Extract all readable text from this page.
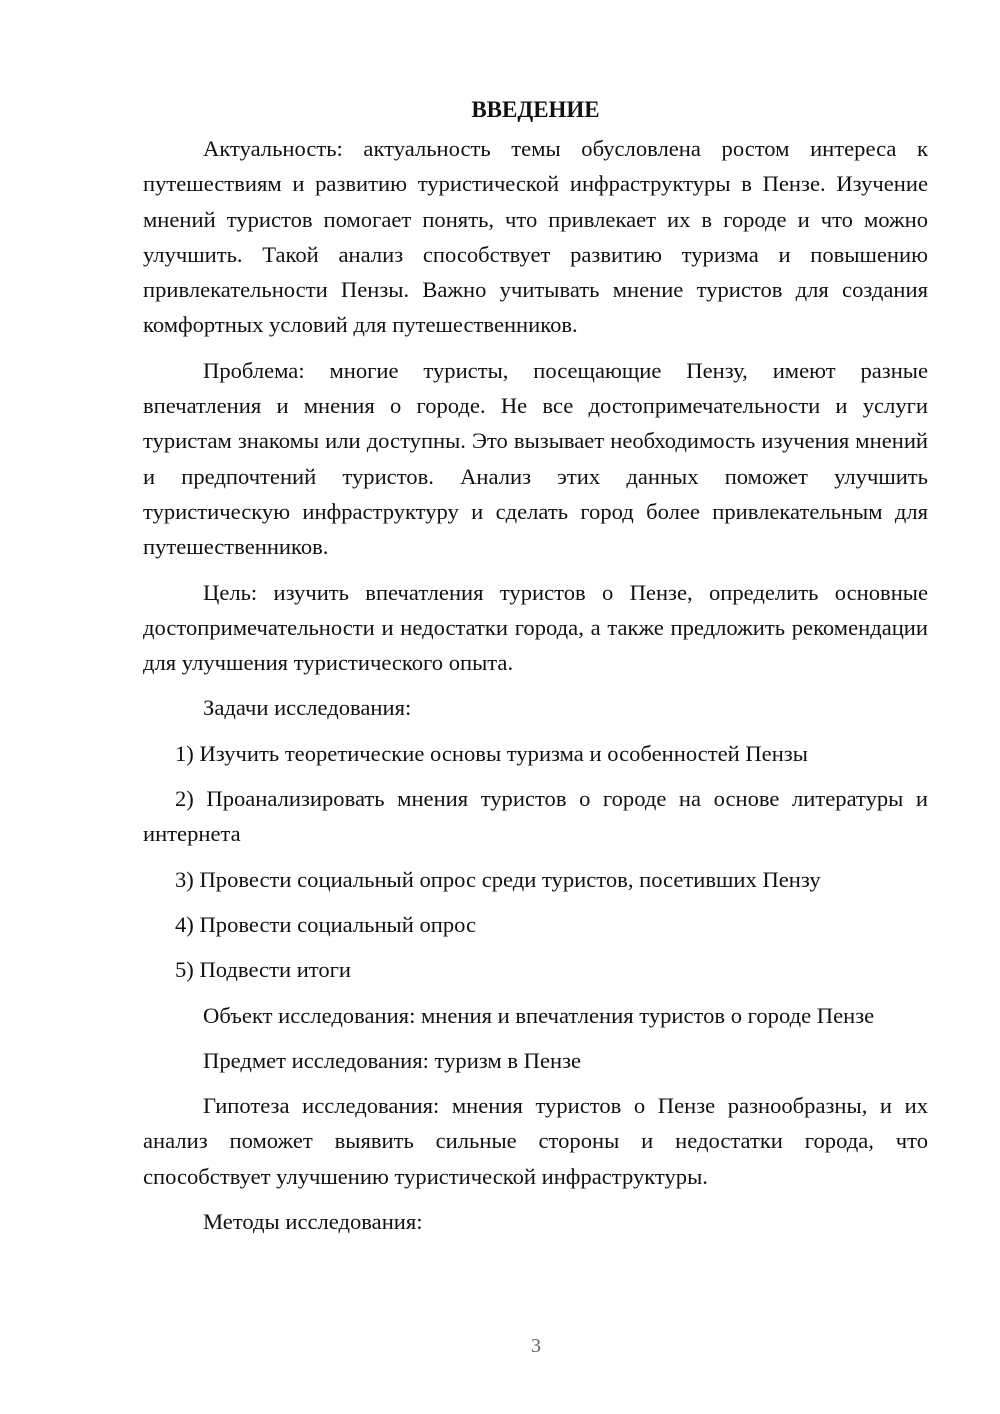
ВВЕДЕНИЕ

Актуальность: актуальность темы обусловлена ростом интереса к путешествиям и развитию туристической инфраструктуры в Пензе. Изучение мнений туристов помогает понять, что привлекает их в городе и что можно улучшить. Такой анализ способствует развитию туризма и повышению привлекательности Пензы. Важно учитывать мнение туристов для создания комфортных условий для путешественников.

Проблема: многие туристы, посещающие Пензу, имеют разные впечатления и мнения о городе. Не все достопримечательности и услуги туристам знакомы или доступны. Это вызывает необходимость изучения мнений и предпочтений туристов. Анализ этих данных поможет улучшить туристическую инфраструктуру и сделать город более привлекательным для путешественников.

Цель: изучить впечатления туристов о Пензе, определить основные достопримечательности и недостатки города, а также предложить рекомендации для улучшения туристического опыта.

Задачи исследования:

1) Изучить теоретические основы туризма и особенностей Пензы

2) Проанализировать мнения туристов о городе на основе литературы и интернета

3) Провести социальный опрос среди туристов, посетивших Пензу

4) Провести социальный опрос

5) Подвести итоги

Объект исследования: мнения и впечатления туристов о городе Пензе

Предмет исследования: туризм в Пензе

Гипотеза исследования: мнения туристов о Пензе разнообразны, и их анализ поможет выявить сильные стороны и недостатки города, что способствует улучшению туристической инфраструктуры.

Методы исследования:

3
